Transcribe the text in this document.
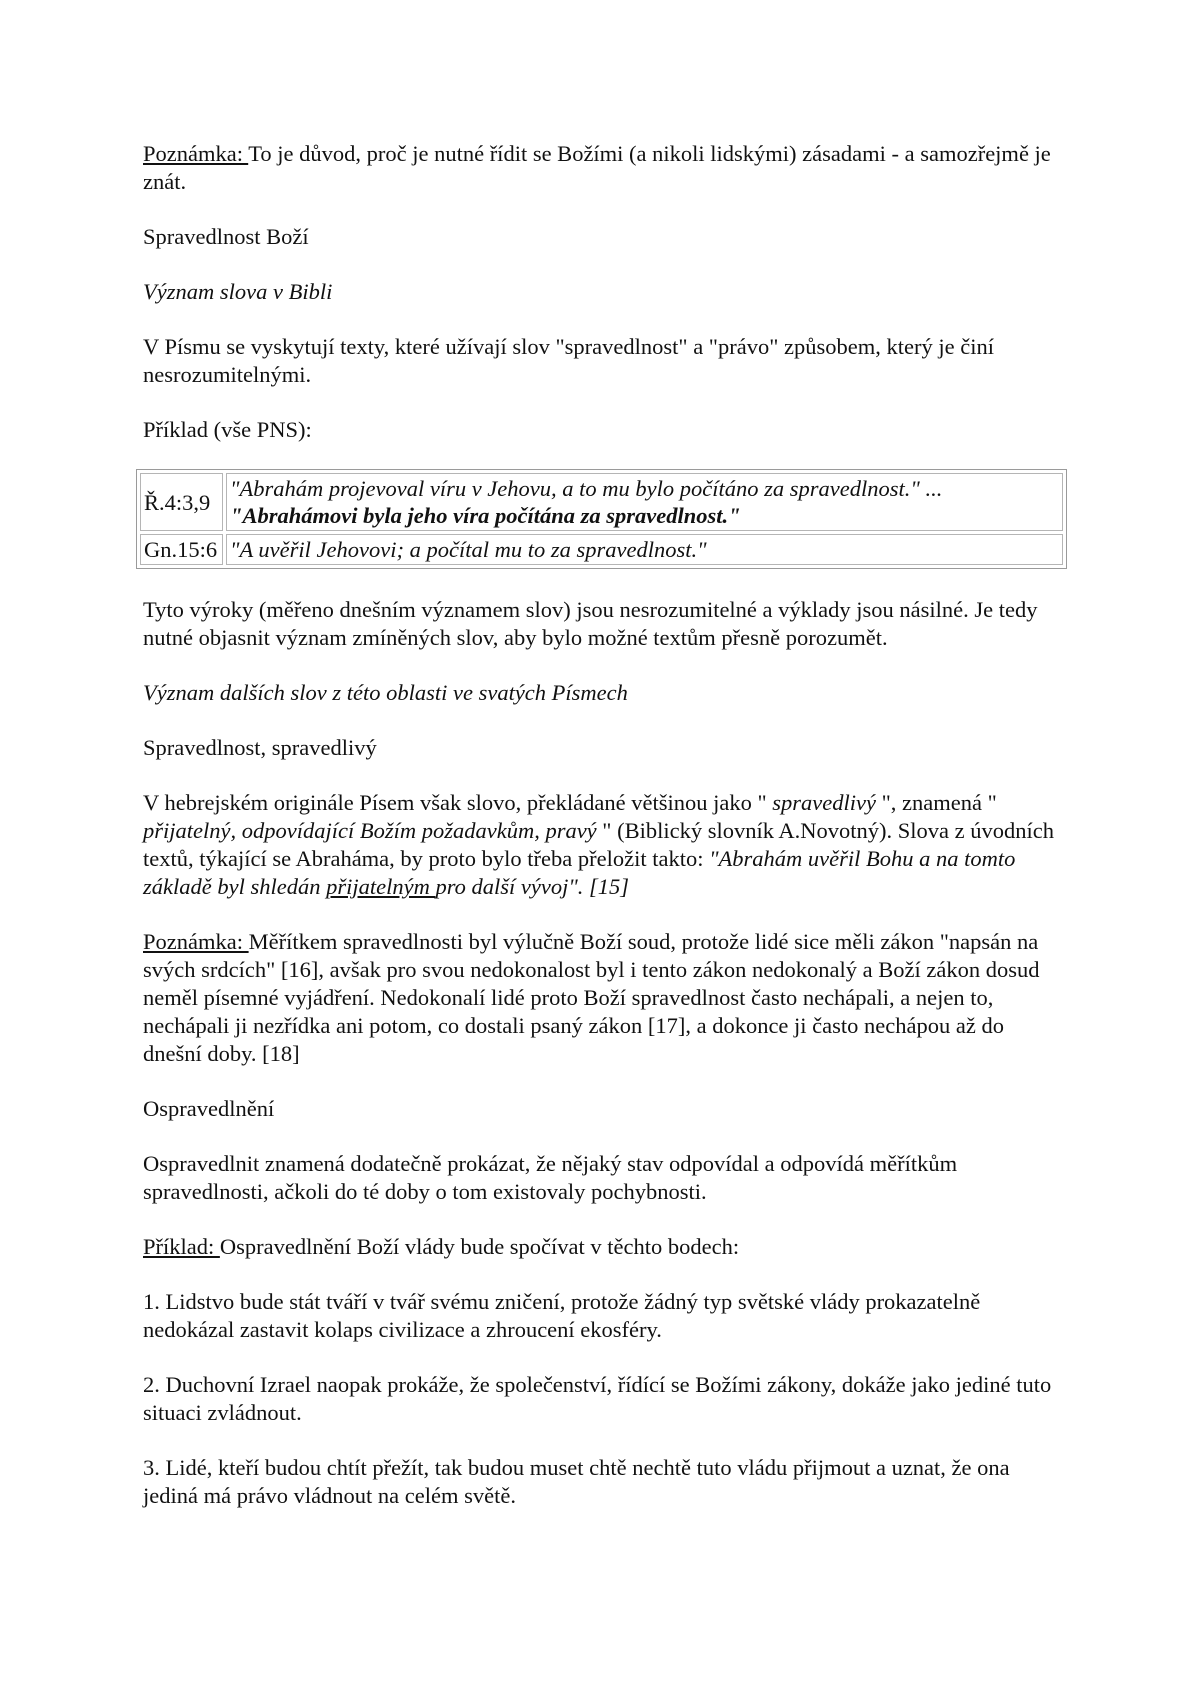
Poznámka: To je důvod, proč je nutné řídit se Božími (a nikoli lidskými) zásadami - a samozřejmě je znát.

Spravedlnost Boží

Význam slova v Bibli

V Písmu se vyskytují texty, které užívají slov "spravedlnost" a "právo" způsobem, který je činí nesrozumitelnými.

Příklad (vše PNS):

Ř.4:3,9	"Abrahám projevoval víru v Jehovu, a to mu bylo počítáno za spravedlnost." ...
"Abrahámovi byla jeho víra počítána za spravedlnost."
Gn.15:6	"A uvěřil Jehovovi; a počítal mu to za spravedlnost."

Tyto výroky (měřeno dnešním významem slov) jsou nesrozumitelné a výklady jsou násilné. Je tedy nutné objasnit význam zmíněných slov, aby bylo možné textům přesně porozumět.

Význam dalších slov z této oblasti ve svatých Písmech

Spravedlnost, spravedlivý

V hebrejském originále Písem však slovo, překládané většinou jako " spravedlivý ", znamená " přijatelný, odpovídající Božím požadavkům, pravý " (Biblický slovník A.Novotný). Slova z úvodních textů, týkající se Abraháma, by proto bylo třeba přeložit takto: "Abrahám uvěřil Bohu a na tomto základě byl shledán přijatelným pro další vývoj". [15]

Poznámka: Měřítkem spravedlnosti byl výlučně Boží soud, protože lidé sice měli zákon "napsán na svých srdcích" [16], avšak pro svou nedokonalost byl i tento zákon nedokonalý a Boží zákon dosud neměl písemné vyjádření. Nedokonalí lidé proto Boží spravedlnost často nechápali, a nejen to, nechápali ji nezřídka ani potom, co dostali psaný zákon [17], a dokonce ji často nechápou až do dnešní doby. [18]

Ospravedlnění

Ospravedlnit znamená dodatečně prokázat, že nějaký stav odpovídal a odpovídá měřítkům spravedlnosti, ačkoli do té doby o tom existovaly pochybnosti.

Příklad: Ospravedlnění Boží vlády bude spočívat v těchto bodech:

1. Lidstvo bude stát tváří v tvář svému zničení, protože žádný typ světské vlády prokazatelně nedokázal zastavit kolaps civilizace a zhroucení ekosféry.

2. Duchovní Izrael naopak prokáže, že společenství, řídící se Božími zákony, dokáže jako jediné tuto situaci zvládnout.

3. Lidé, kteří budou chtít přežít, tak budou muset chtě nechtě tuto vládu přijmout a uznat, že ona jediná má právo vládnout na celém světě.
